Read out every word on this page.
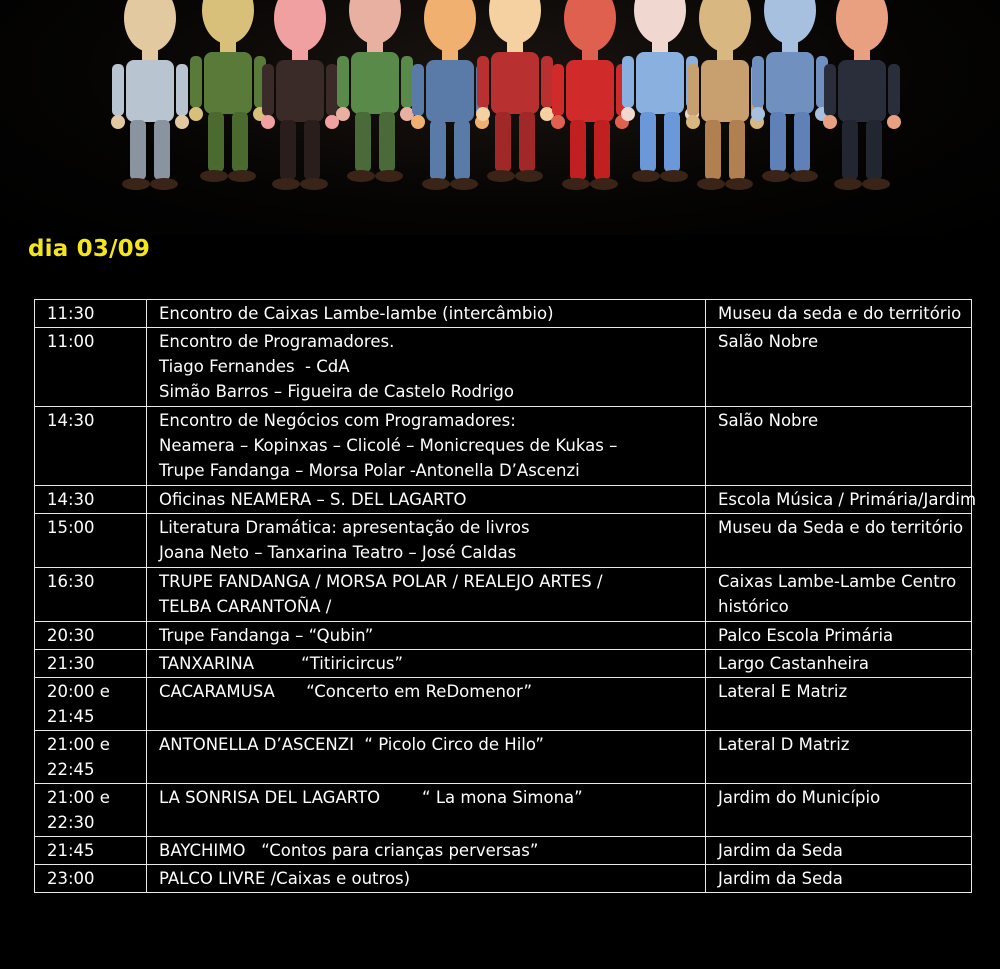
dia 03/09
11:30	Encontro de Caixas Lambe-lambe (intercâmbio)	Museu da seda e do território

11:00	Encontro de Programadores.
Tiago Fernandes  - CdA
Simão Barros – Figueira de Castelo Rodrigo	Salão Nobre

14:30	Encontro de Negócios com Programadores:
Neamera – Kopinxas – Clicolé – Monicreques de Kukas –
Trupe Fandanga – Morsa Polar -Antonella D’Ascenzi	Salão Nobre

14:30	Oficinas NEAMERA – S. DEL LAGARTO	Escola Música / Primária/Jardim

15:00	Literatura Dramática: apresentação de livros
Joana Neto – Tanxarina Teatro – José Caldas	Museu da Seda e do território

16:30	TRUPE FANDANGA / MORSA POLAR / REALEJO ARTES /
TELBA CARANTOÑA /	Caixas Lambe-Lambe Centro
histórico

20:30	Trupe Fandanga – “Qubin”	Palco Escola Primária

21:30	TANXARINA         “Titiricircus”	Largo Castanheira

20:00 e
21:45	CACARAMUSA      “Concerto em ReDomenor”	Lateral E Matriz

21:00 e
22:45	ANTONELLA D’ASCENZI  “ Picolo Circo de Hilo”	Lateral D Matriz

21:00 e
22:30	LA SONRISA DEL LAGARTO        “ La mona Simona”	Jardim do Município

21:45	BAYCHIMO   “Contos para crianças perversas”	Jardim da Seda

23:00	PALCO LIVRE /Caixas e outros)	Jardim da Seda
